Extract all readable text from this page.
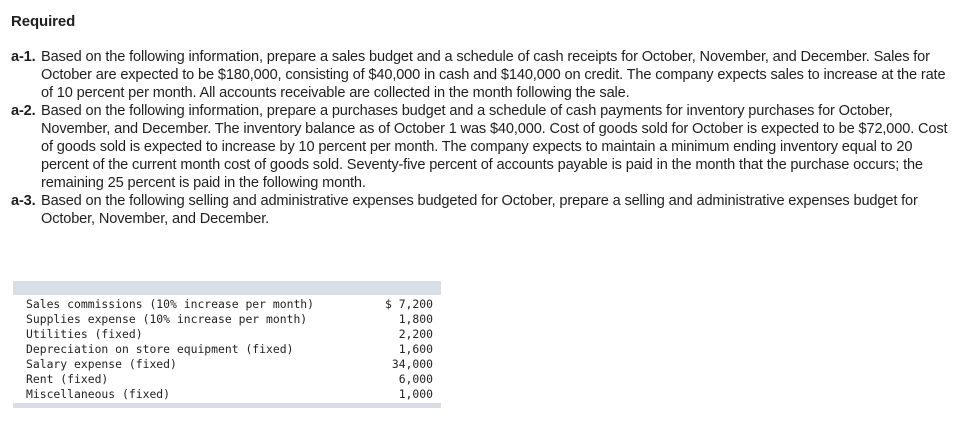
Required
a-1. Based on the following information, prepare a sales budget and a schedule of cash receipts for October, November, and December. Sales for October are expected to be $180,000, consisting of $40,000 in cash and $140,000 on credit. The company expects sales to increase at the rate of 10 percent per month. All accounts receivable are collected in the month following the sale.
a-2. Based on the following information, prepare a purchases budget and a schedule of cash payments for inventory purchases for October, November, and December. The inventory balance as of October 1 was $40,000. Cost of goods sold for October is expected to be $72,000. Cost of goods sold is expected to increase by 10 percent per month. The company expects to maintain a minimum ending inventory equal to 20 percent of the current month cost of goods sold. Seventy-five percent of accounts payable is paid in the month that the purchase occurs; the remaining 25 percent is paid in the following month.
a-3. Based on the following selling and administrative expenses budgeted for October, prepare a selling and administrative expenses budget for October, November, and December.
Sales commissions (10% increase per month)	$ 7,200
Supplies expense (10% increase per month)	1,800
Utilities (fixed)	2,200
Depreciation on store equipment (fixed)	1,600
Salary expense (fixed)	34,000
Rent (fixed)	6,000
Miscellaneous (fixed)	1,000
